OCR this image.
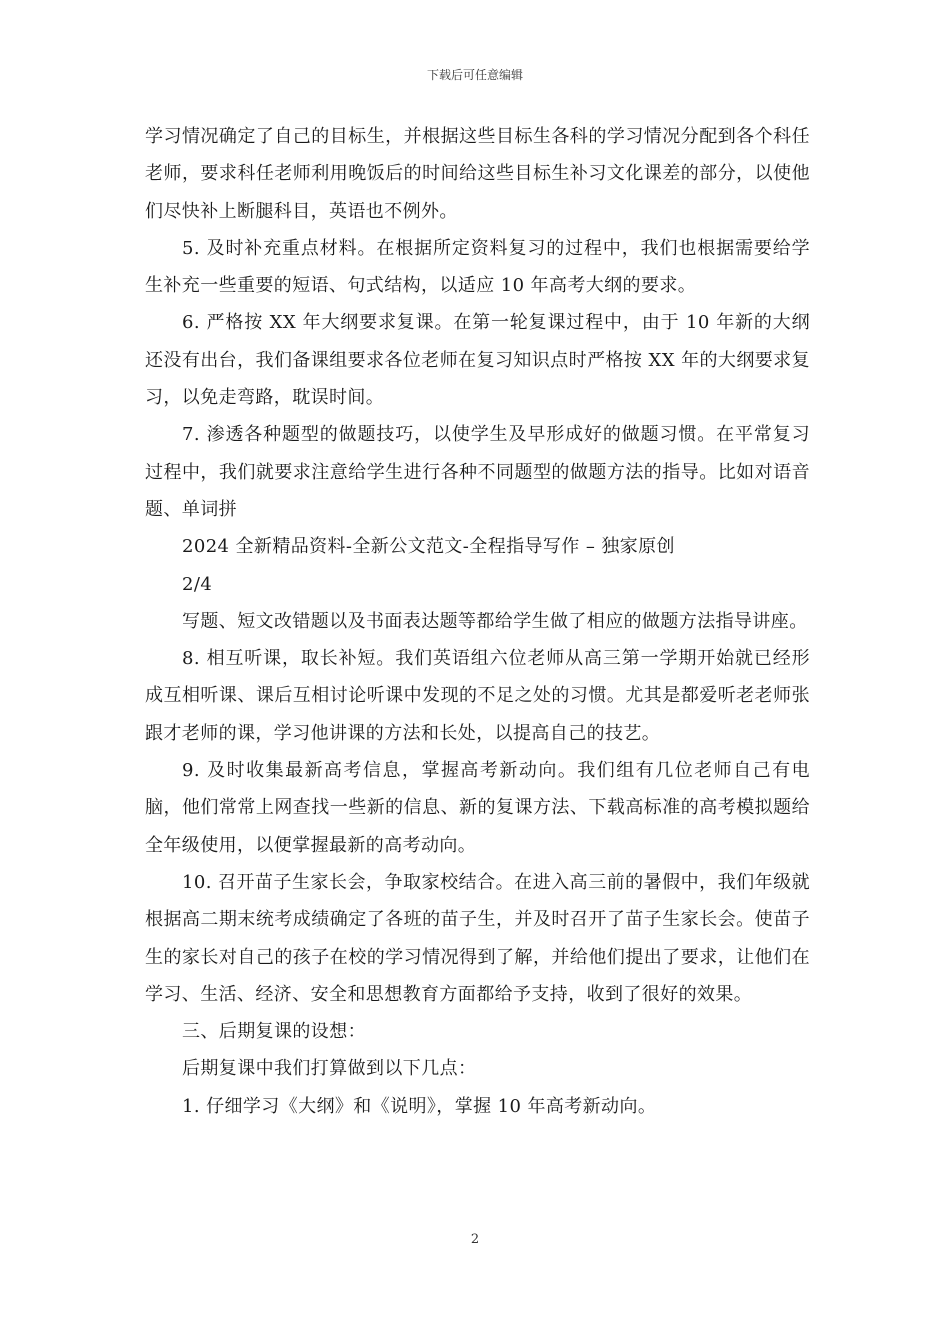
下载后可任意编辑

学习情况确定了自己的目标生，并根据这些目标生各科的学习情况分配到各个科任老师，要求科任老师利用晚饭后的时间给这些目标生补习文化课差的部分，以使他们尽快补上断腿科目，英语也不例外。

5. 及时补充重点材料。在根据所定资料复习的过程中，我们也根据需要给学生补充一些重要的短语、句式结构，以适应 10 年高考大纲的要求。

6. 严格按 XX 年大纲要求复课。在第一轮复课过程中，由于 10 年新的大纲还没有出台，我们备课组要求各位老师在复习知识点时严格按 XX 年的大纲要求复习，以免走弯路，耽误时间。

7. 渗透各种题型的做题技巧，以使学生及早形成好的做题习惯。在平常复习过程中，我们就要求注意给学生进行各种不同题型的做题方法的指导。比如对语音题、单词拼

2024 全新精品资料-全新公文范文-全程指导写作 – 独家原创

2/4

写题、短文改错题以及书面表达题等都给学生做了相应的做题方法指导讲座。

8. 相互听课，取长补短。我们英语组六位老师从高三第一学期开始就已经形成互相听课、课后互相讨论听课中发现的不足之处的习惯。尤其是都爱听老老师张跟才老师的课，学习他讲课的方法和长处，以提高自己的技艺。

9. 及时收集最新高考信息，掌握高考新动向。我们组有几位老师自己有电脑，他们常常上网查找一些新的信息、新的复课方法、下载高标准的高考模拟题给全年级使用，以便掌握最新的高考动向。

10. 召开苗子生家长会，争取家校结合。在进入高三前的暑假中，我们年级就根据高二期末统考成绩确定了各班的苗子生，并及时召开了苗子生家长会。使苗子生的家长对自己的孩子在校的学习情况得到了解，并给他们提出了要求，让他们在学习、生活、经济、安全和思想教育方面都给予支持，收到了很好的效果。

三、后期复课的设想：

后期复课中我们打算做到以下几点：

1. 仔细学习《大纲》和《说明》，掌握 10 年高考新动向。

2
